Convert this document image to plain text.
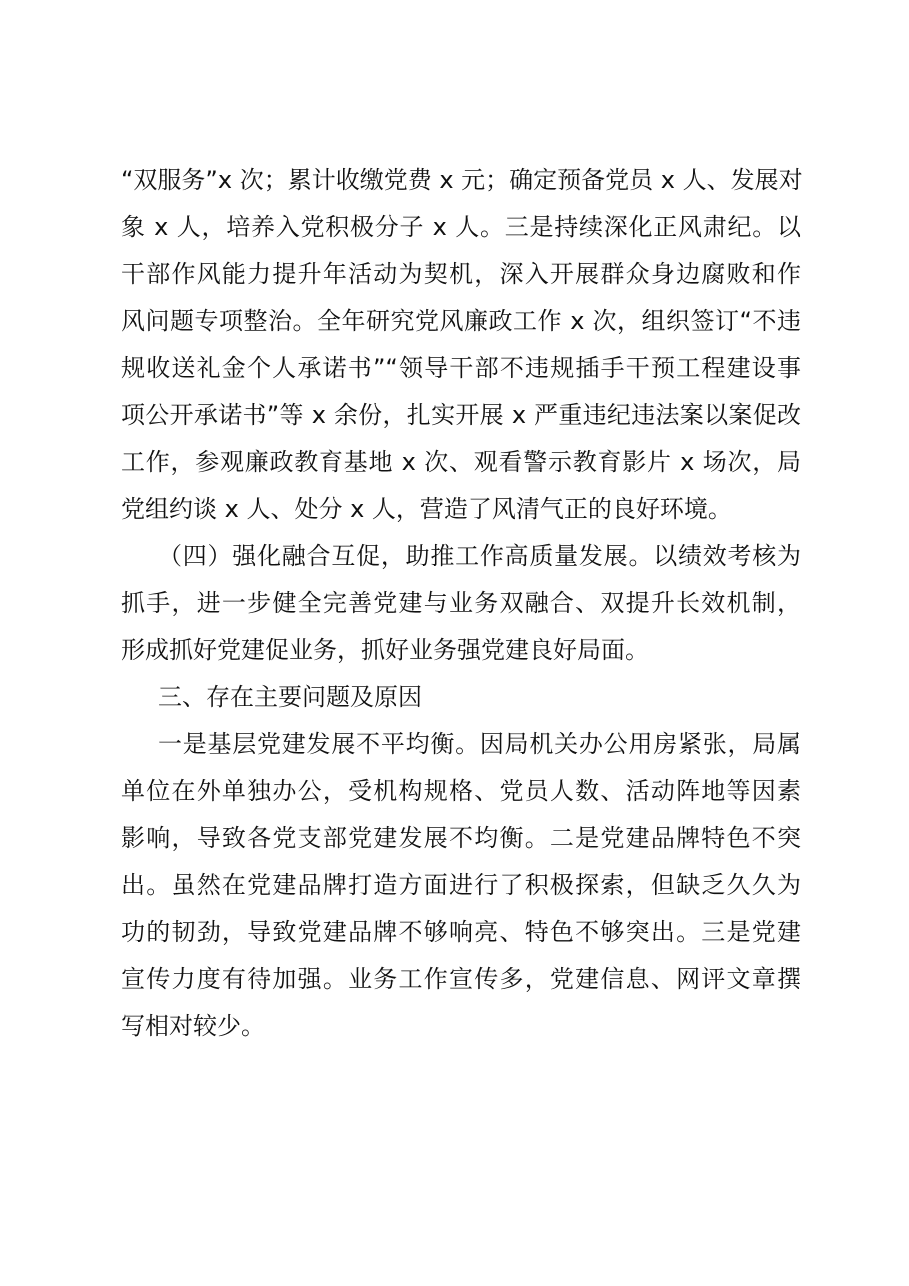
“双服务”x 次；累计收缴党费 x 元；确定预备党员 x 人、发展对
象 x 人，培养入党积极分子 x 人。三是持续深化正风肃纪。以
干部作风能力提升年活动为契机，深入开展群众身边腐败和作
风问题专项整治。全年研究党风廉政工作 x 次，组织签订“不违
规收送礼金个人承诺书”“领导干部不违规插手干预工程建设事
项公开承诺书”等 x 余份，扎实开展 x 严重违纪违法案以案促改
工作，参观廉政教育基地 x 次、观看警示教育影片 x 场次，局
党组约谈 x 人、处分 x 人，营造了风清气正的良好环境。
（四）强化融合互促，助推工作高质量发展。以绩效考核为
抓手，进一步健全完善党建与业务双融合、双提升长效机制，
形成抓好党建促业务，抓好业务强党建良好局面。
三、存在主要问题及原因
一是基层党建发展不平均衡。因局机关办公用房紧张，局属
单位在外单独办公，受机构规格、党员人数、活动阵地等因素
影响，导致各党支部党建发展不均衡。二是党建品牌特色不突
出。虽然在党建品牌打造方面进行了积极探索，但缺乏久久为
功的韧劲，导致党建品牌不够响亮、特色不够突出。三是党建
宣传力度有待加强。业务工作宣传多，党建信息、网评文章撰
写相对较少。
